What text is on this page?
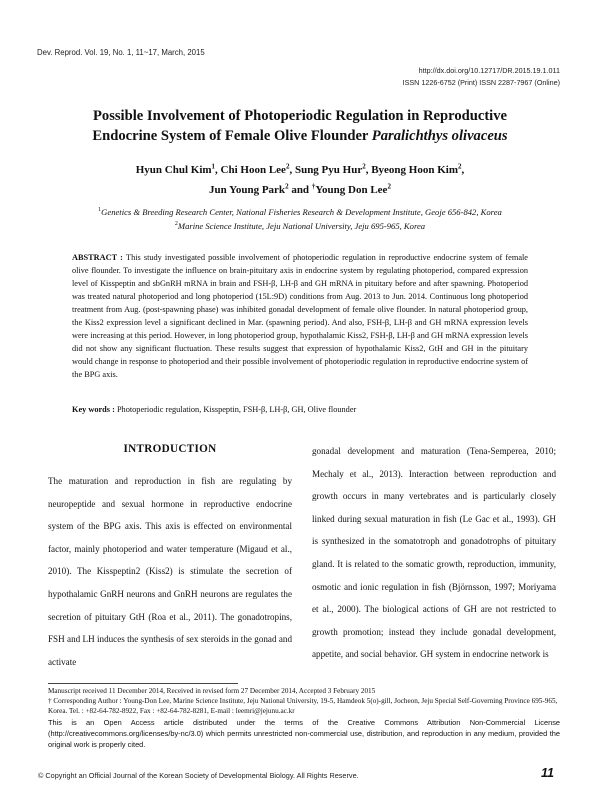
Dev. Reprod. Vol. 19, No. 1, 11~17, March, 2015
http://dx.doi.org/10.12717/DR.2015.19.1.011
ISSN 1226-6752 (Print) ISSN 2287-7967 (Online)
Possible Involvement of Photoperiodic Regulation in Reproductive
Endocrine System of Female Olive Flounder Paralichthys olivaceus
Hyun Chul Kim$^1$, Chi Hoon Lee$^2$, Sung Pyu Hur$^2$, Byeong Hoon Kim$^2$,
Jun Young Park$^2$ and †Young Don Lee$^2$
$^1$Genetics & Breeding Research Center, National Fisheries Research & Development Institute, Geoje 656-842, Korea
$^2$Marine Science Institute, Jeju National University, Jeju 695-965, Korea
ABSTRACT : This study investigated possible involvement of photoperiodic regulation in reproductive endocrine system of female olive flounder. To investigate the influence on brain-pituitary axis in endocrine system by regulating photoperiod, compared expression level of Kisspeptin and sbGnRH mRNA in brain and FSH-β, LH-β and GH mRNA in pituitary before and after spawning. Photoperiod was treated natural photoperiod and long photoperiod (15L:9D) conditions from Aug. 2013 to Jun. 2014. Continuous long photoperiod treatment from Aug. (post-spawning phase) was inhibited gonadal development of female olive flounder. In natural photoperiod group, the Kiss2 expression level a significant declined in Mar. (spawning period). And also, FSH-β, LH-β and GH mRNA expression levels were increasing at this period. However, in long photoperiod group, hypothalamic Kiss2, FSH-β, LH-β and GH mRNA expression levels did not show any significant fluctuation. These results suggest that expression of hypothalamic Kiss2, GtH and GH in the pituitary would change in response to photoperiod and their possible involvement of photoperiodic regulation in reproductive endocrine system of the BPG axis.
Key words : Photoperiodic regulation, Kisspeptin, FSH-β, LH-β, GH, Olive flounder
INTRODUCTION
The maturation and reproduction in fish are regulating by neuropeptide and sexual hormone in reproductive endocrine system of the BPG axis. This axis is effected on environmental factor, mainly photoperiod and water temperature (Migaud et al., 2010). The Kisspeptin2 (Kiss2) is stimulate the secretion of hypothalamic GnRH neurons and GnRH neurons are regulates the secretion of pituitary GtH (Roa et al., 2011). The gonadotropins, FSH and LH induces the synthesis of sex steroids in the gonad and activate
gonadal development and maturation (Tena-Semperea, 2010; Mechaly et al., 2013). Interaction between reproduction and growth occurs in many vertebrates and is particularly closely linked during sexual maturation in fish (Le Gac et al., 1993). GH is synthesized in the somatotroph and gonadotrophs of pituitary gland. It is related to the somatic growth, reproduction, immunity, osmotic and ionic regulation in fish (Björnsson, 1997; Moriyama et al., 2000). The biological actions of GH are not restricted to growth promotion; instead they include gonadal development, appetite, and social behavior. GH system in endocrine network is
Manuscript received 11 December 2014, Received in revised form 27 December 2014, Accepted 3 February 2015
† Corresponding Author : Young-Don Lee, Marine Science Institute, Jeju National University, 19-5, Hamdeok 5(o)-gill, Jocheon, Jeju Special Self-Governing Province 695-965, Korea. Tel. : +82-64-782-8922, Fax : +82-64-782-8281, E-mail : leemri@jejunu.ac.kr
This is an Open Access article distributed under the terms of the Creative Commons Attribution Non-Commercial License (http://creativecommons.org/licenses/by-nc/3.0) which permits unrestricted non-commercial use, distribution, and reproduction in any medium, provided the original work is properly cited.
© Copyright an Official Journal of the Korean Society of Developmental Biology. All Rights Reserve.	11
